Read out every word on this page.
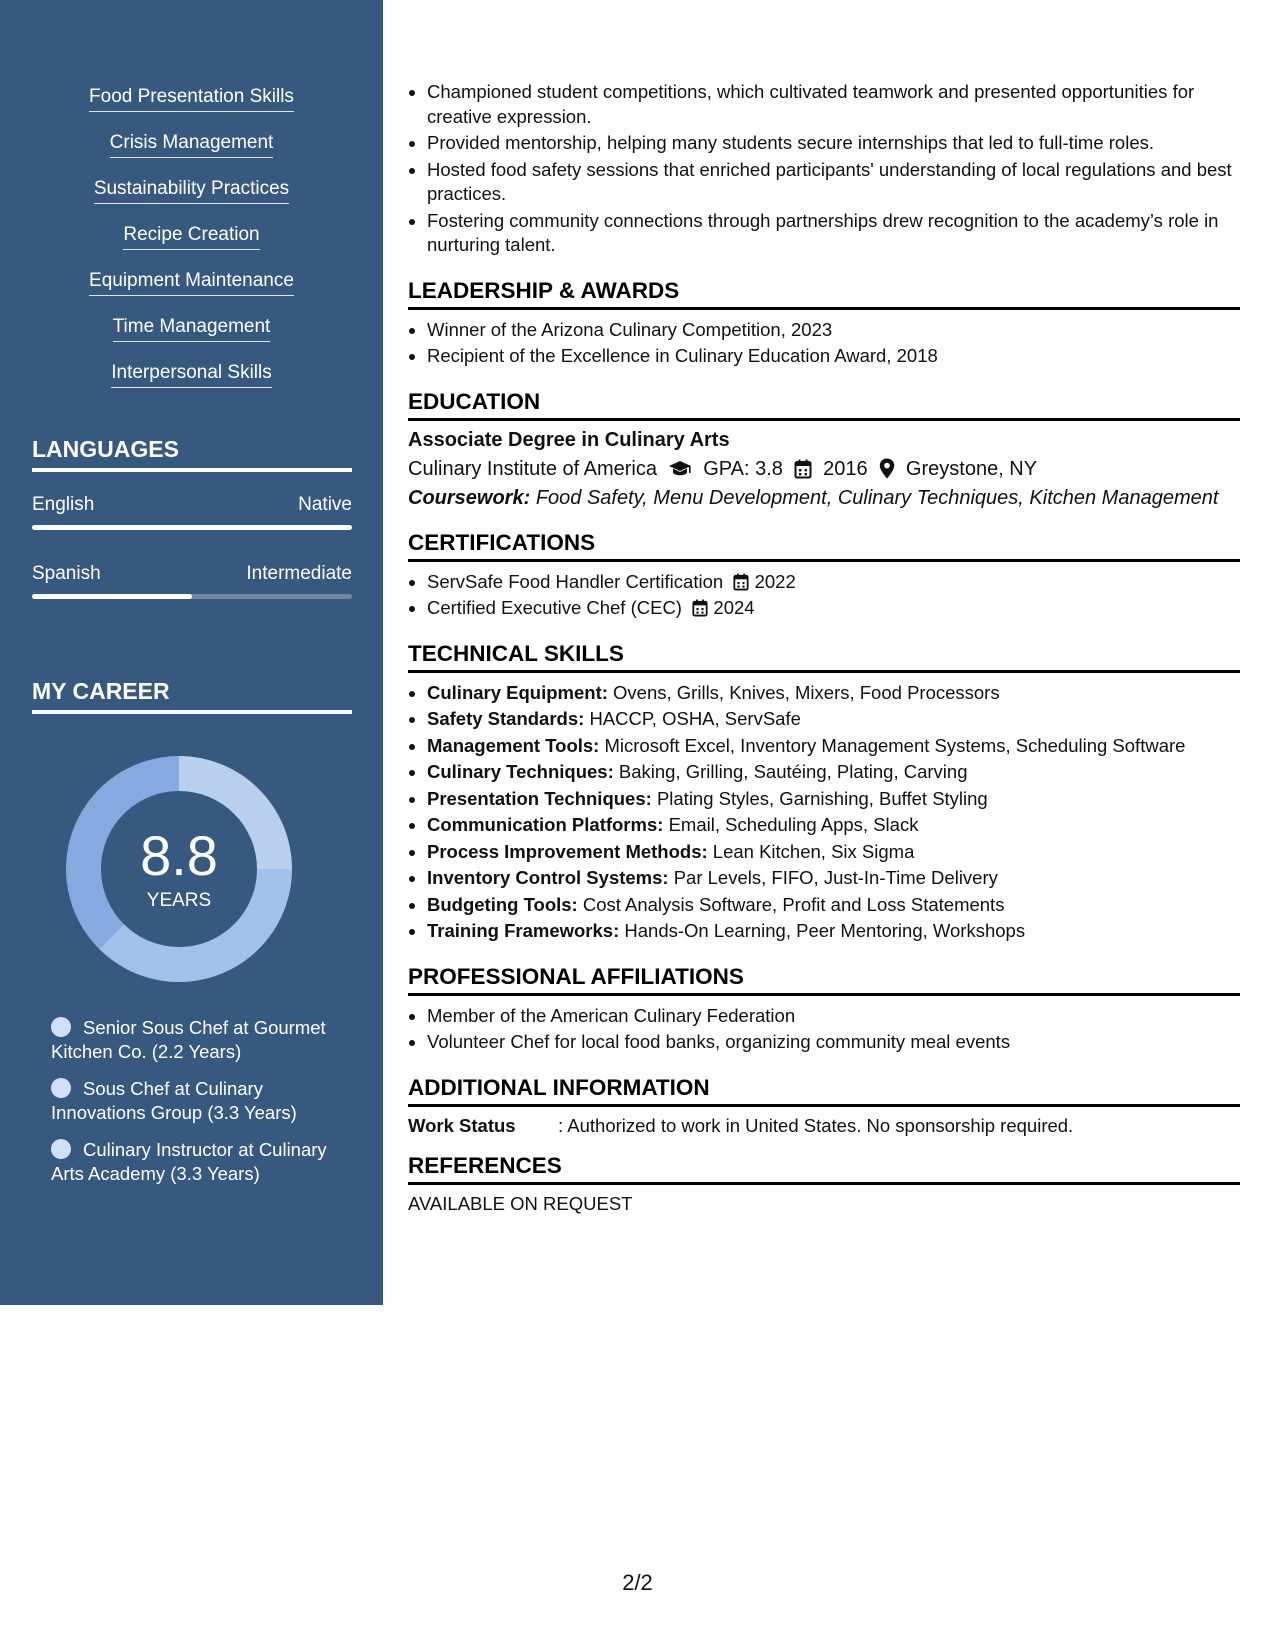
Food Presentation Skills
Crisis Management
Sustainability Practices
Recipe Creation
Equipment Maintenance
Time Management
Interpersonal Skills
LANGUAGES
English	Native
Spanish	Intermediate
MY CAREER
8.8
YEARS
Senior Sous Chef at Gourmet Kitchen Co. (2.2 Years)
Sous Chef at Culinary Innovations Group (3.3 Years)
Culinary Instructor at Culinary Arts Academy (3.3 Years)
• Championed student competitions, which cultivated teamwork and presented opportunities for creative expression.
• Provided mentorship, helping many students secure internships that led to full-time roles.
• Hosted food safety sessions that enriched participants' understanding of local regulations and best practices.
• Fostering community connections through partnerships drew recognition to the academy’s role in nurturing talent.
LEADERSHIP & AWARDS
• Winner of the Arizona Culinary Competition, 2023
• Recipient of the Excellence in Culinary Education Award, 2018
EDUCATION
Associate Degree in Culinary Arts
Culinary Institute of America GPA: 3.8 2016 Greystone, NY
Coursework: Food Safety, Menu Development, Culinary Techniques, Kitchen Management
CERTIFICATIONS
• ServSafe Food Handler Certification 2022
• Certified Executive Chef (CEC) 2024
TECHNICAL SKILLS
• Culinary Equipment: Ovens, Grills, Knives, Mixers, Food Processors
• Safety Standards: HACCP, OSHA, ServSafe
• Management Tools: Microsoft Excel, Inventory Management Systems, Scheduling Software
• Culinary Techniques: Baking, Grilling, Sautéing, Plating, Carving
• Presentation Techniques: Plating Styles, Garnishing, Buffet Styling
• Communication Platforms: Email, Scheduling Apps, Slack
• Process Improvement Methods: Lean Kitchen, Six Sigma
• Inventory Control Systems: Par Levels, FIFO, Just-In-Time Delivery
• Budgeting Tools: Cost Analysis Software, Profit and Loss Statements
• Training Frameworks: Hands-On Learning, Peer Mentoring, Workshops
PROFESSIONAL AFFILIATIONS
• Member of the American Culinary Federation
• Volunteer Chef for local food banks, organizing community meal events
ADDITIONAL INFORMATION
Work Status : Authorized to work in United States. No sponsorship required.
REFERENCES
AVAILABLE ON REQUEST
2/2
